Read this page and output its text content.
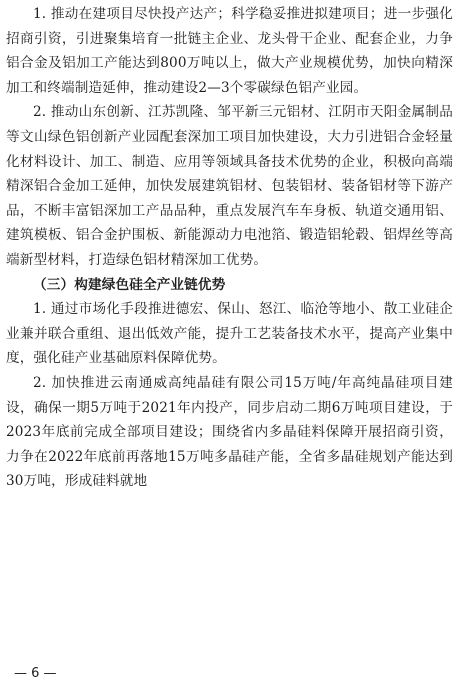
1. 推动在建项目尽快投产达产；科学稳妥推进拟建项目；进一步强化招商引资，引进聚集培育一批链主企业、龙头骨干企业、配套企业，力争铝合金及铝加工产能达到800万吨以上，做大产业规模优势，加快向精深加工和终端制造延伸，推动建设2—3个零碳绿色铝产业园。

2. 推动山东创新、江苏凯隆、邹平新三元铝材、江阴市天阳金属制品等文山绿色铝创新产业园配套深加工项目加快建设，大力引进铝合金轻量化材料设计、加工、制造、应用等领域具备技术优势的企业，积极向高端精深铝合金加工延伸，加快发展建筑铝材、包装铝材、装备铝材等下游产品，不断丰富铝深加工产品品种，重点发展汽车车身板、轨道交通用铝、建筑模板、铝合金护围板、新能源动力电池箔、锻造铝轮毂、铝焊丝等高端新型材料，打造绿色铝材精深加工优势。

（三）构建绿色硅全产业链优势

1. 通过市场化手段推进德宏、保山、怒江、临沧等地小、散工业硅企业兼并联合重组、退出低效产能，提升工艺装备技术水平，提高产业集中度，强化硅产业基础原料保障优势。

2. 加快推进云南通威高纯晶硅有限公司15万吨/年高纯晶硅项目建设，确保一期5万吨于2021年内投产，同步启动二期6万吨项目建设，于2023年底前完成全部项目建设；围绕省内多晶硅料保障开展招商引资，力争在2022年底前再落地15万吨多晶硅产能，全省多晶硅规划产能达到30万吨，形成硅料就地

— 6 —
